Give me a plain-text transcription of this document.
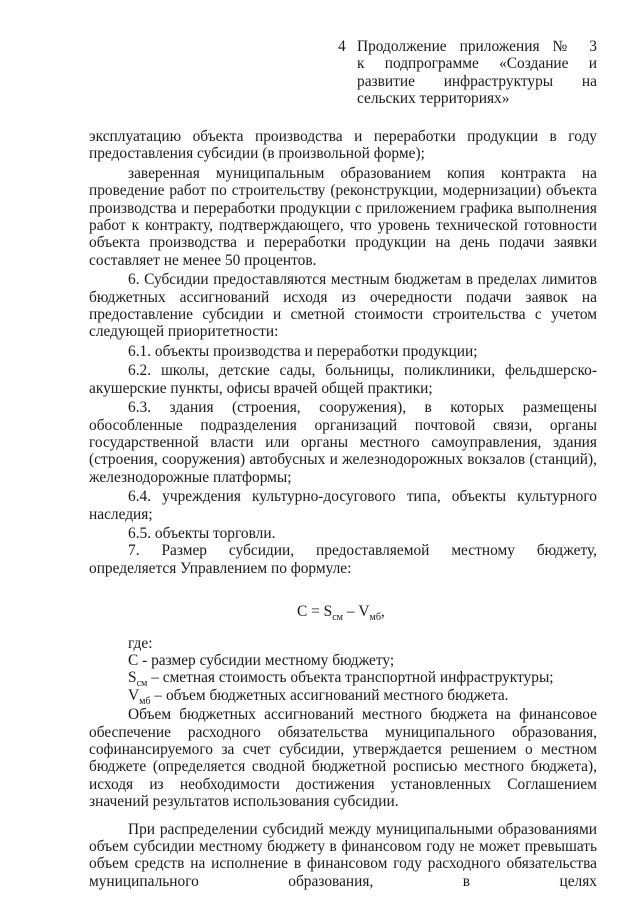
4 Продолжение приложения № 3
к подпрограмме «Создание и
развитие инфраструктуры на
сельских территориях»

эксплуатацию объекта производства и переработки продукции в году предоставления субсидии (в произвольной форме);

заверенная муниципальным образованием копия контракта на проведение работ по строительству (реконструкции, модернизации) объекта производства и переработки продукции с приложением графика выполнения работ к контракту, подтверждающего, что уровень технической готовности объекта производства и переработки продукции на день подачи заявки составляет не менее 50 процентов.

6. Субсидии предоставляются местным бюджетам в пределах лимитов бюджетных ассигнований исходя из очередности подачи заявок на предоставление субсидии и сметной стоимости строительства с учетом следующей приоритетности:

6.1. объекты производства и переработки продукции;

6.2. школы, детские сады, больницы, поликлиники, фельдшерско-акушерские пункты, офисы врачей общей практики;

6.3. здания (строения, сооружения), в которых размещены обособленные подразделения организаций почтовой связи, органы государственной власти или органы местного самоуправления, здания (строения, сооружения) автобусных и железнодорожных вокзалов (станций), железнодорожные платформы;

6.4. учреждения культурно-досугового типа, объекты культурного наследия;

6.5. объекты торговли.

7. Размер субсидии, предоставляемой местному бюджету, определяется Управлением по формуле:

$C = S_{см} - V_{мб}$,
где:
С - размер субсидии местному бюджету;
$S_{см}$ – сметная стоимость объекта транспортной инфраструктуры;
$V_{мб}$ – объем бюджетных ассигнований местного бюджета.

Объем бюджетных ассигнований местного бюджета на финансовое обеспечение расходного обязательства муниципального образования, софинансируемого за счет субсидии, утверждается решением о местном бюджете (определяется сводной бюджетной росписью местного бюджета), исходя из необходимости достижения установленных Соглашением значений результатов использования субсидии.

При распределении субсидий между муниципальными образованиями объем субсидии местному бюджету в финансовом году не может превышать объем средств на исполнение в финансовом году расходного обязательства муниципального образования, в целях
